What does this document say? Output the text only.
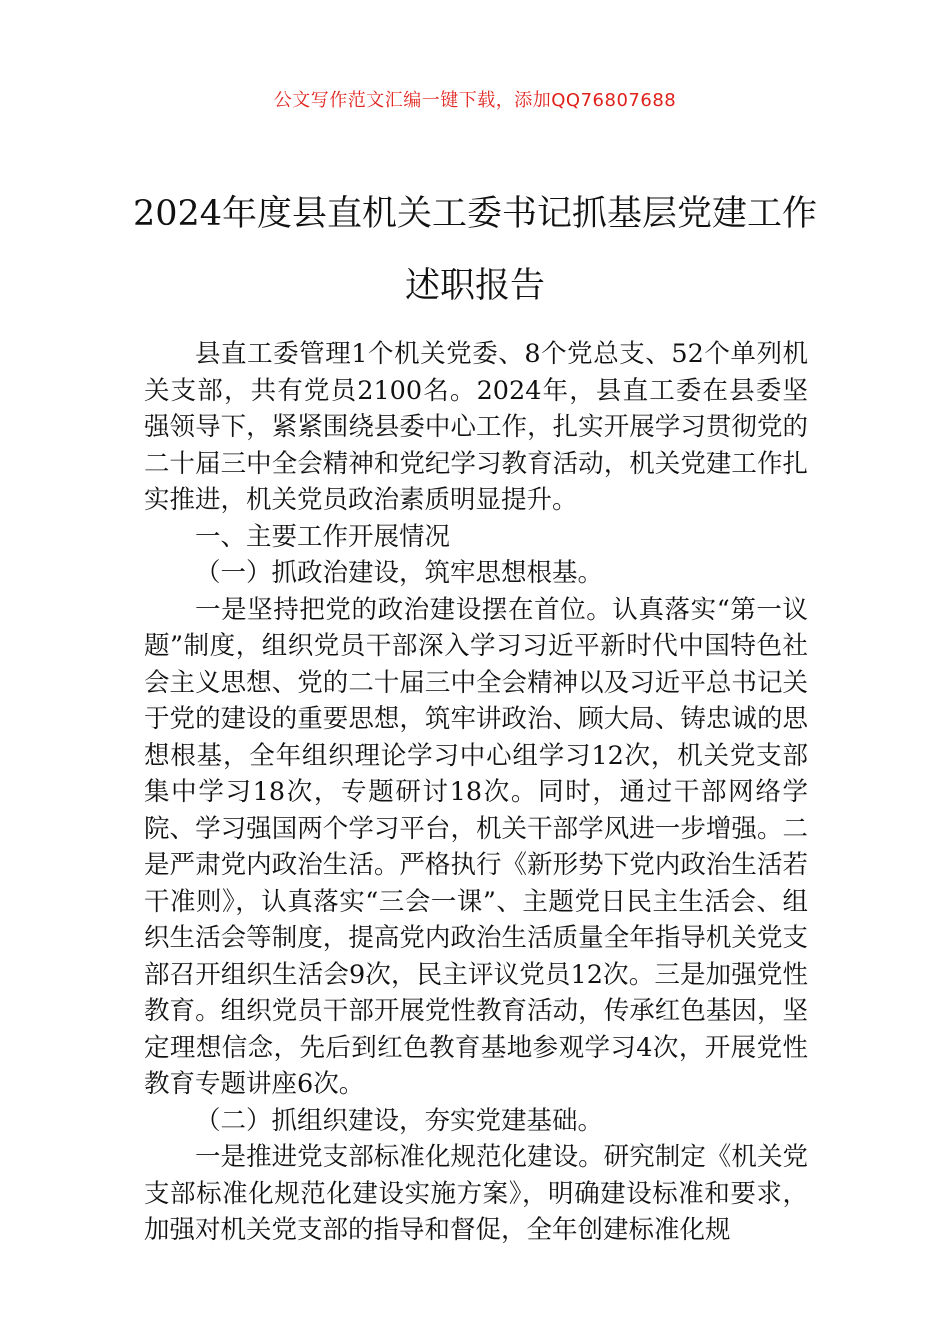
公文写作范文汇编一键下载，添加QQ76807688
2024年度县直机关工委书记抓基层党建工作述职报告

县直工委管理1个机关党委、8个党总支、52个单列机关支部，共有党员2100名。2024年，县直工委在县委坚强领导下，紧紧围绕县委中心工作，扎实开展学习贯彻党的二十届三中全会精神和党纪学习教育活动，机关党建工作扎实推进，机关党员政治素质明显提升。

一、主要工作开展情况

（一）抓政治建设，筑牢思想根基。

一是坚持把党的政治建设摆在首位。认真落实“第一议题”制度，组织党员干部深入学习习近平新时代中国特色社会主义思想、党的二十届三中全会精神以及习近平总书记关于党的建设的重要思想，筑牢讲政治、顾大局、铸忠诚的思想根基，全年组织理论学习中心组学习12次，机关党支部集中学习18次，专题研讨18次。同时，通过干部网络学院、学习强国两个学习平台，机关干部学风进一步增强。二是严肃党内政治生活。严格执行《新形势下党内政治生活若干准则》，认真落实“三会一课”、主题党日民主生活会、组织生活会等制度，提高党内政治生活质量全年指导机关党支部召开组织生活会9次，民主评议党员12次。三是加强党性教育。组织党员干部开展党性教育活动，传承红色基因，坚定理想信念，先后到红色教育基地参观学习4次，开展党性教育专题讲座6次。

（二）抓组织建设，夯实党建基础。

一是推进党支部标准化规范化建设。研究制定《机关党支部标准化规范化建设实施方案》，明确建设标准和要求，加强对机关党支部的指导和督促，全年创建标准化规
